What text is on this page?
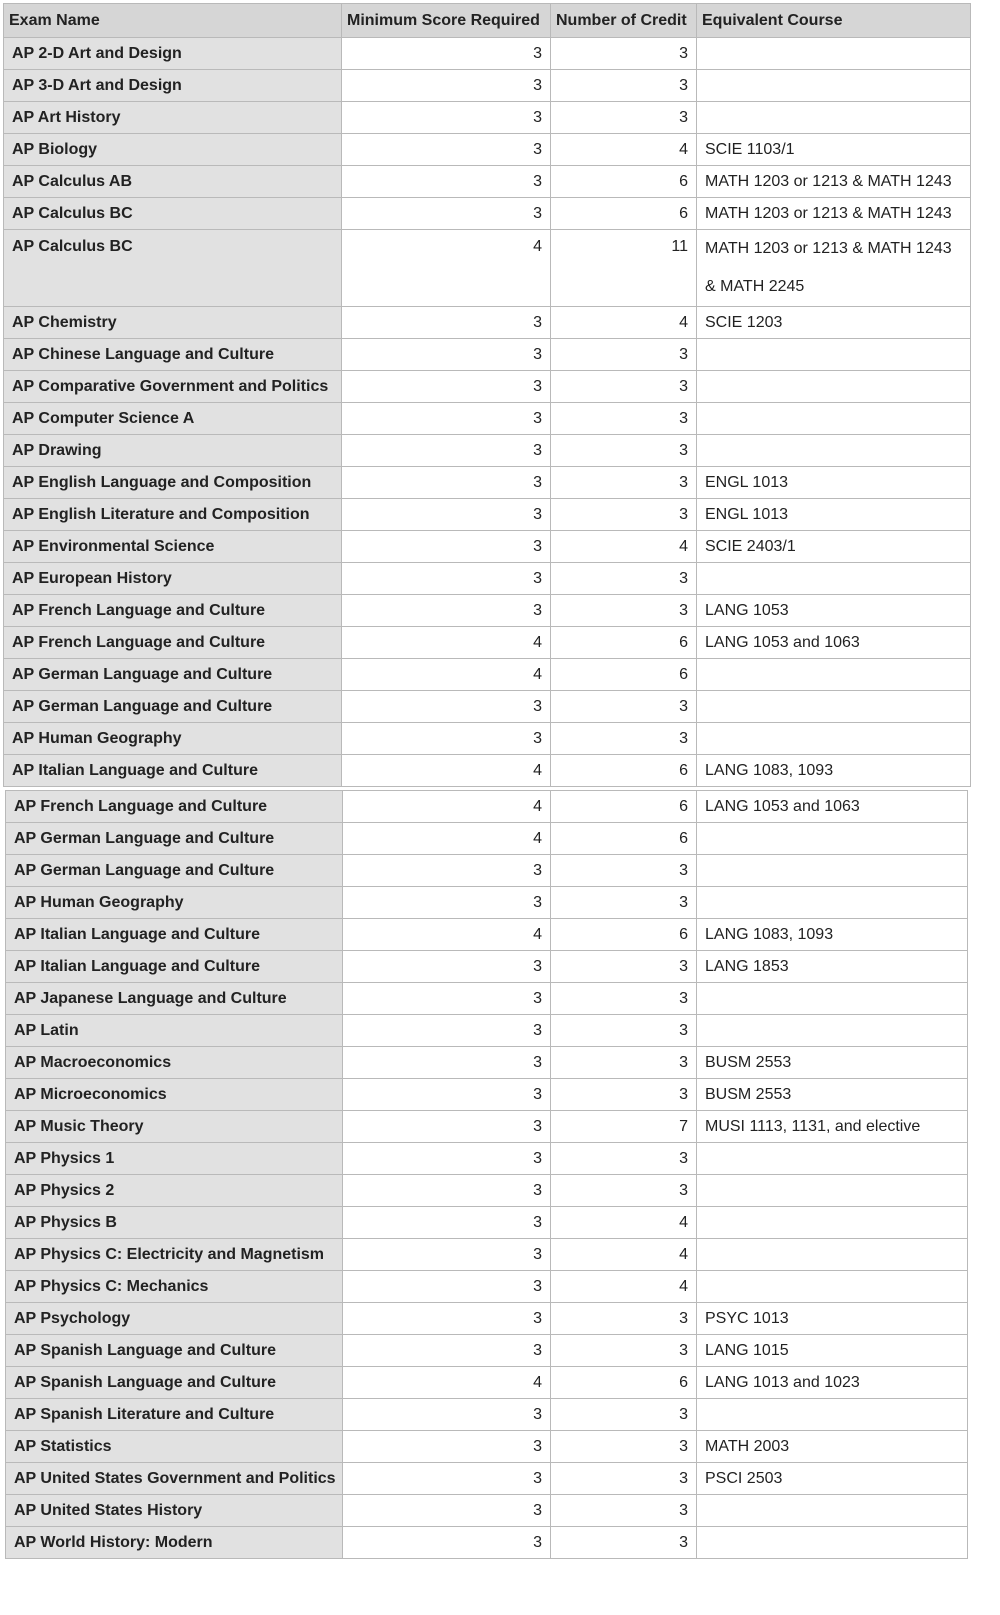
Exam Name	Minimum Score Required	Number of Credit	Equivalent Course
AP 2-D Art and Design	3	3	
AP 3-D Art and Design	3	3	
AP Art History	3	3	
AP Biology	3	4	SCIE 1103/1
AP Calculus AB	3	6	MATH 1203 or 1213 & MATH 1243
AP Calculus BC	3	6	MATH 1203 or 1213 & MATH 1243
AP Calculus BC	4	11	MATH 1203 or 1213 & MATH 1243 & MATH 2245
AP Chemistry	3	4	SCIE 1203
AP Chinese Language and Culture	3	3	
AP Comparative Government and Politics	3	3	
AP Computer Science A	3	3	
AP Drawing	3	3	
AP English Language and Composition	3	3	ENGL 1013
AP English Literature and Composition	3	3	ENGL 1013
AP Environmental Science	3	4	SCIE 2403/1
AP European History	3	3	
AP French Language and Culture	3	3	LANG 1053
AP French Language and Culture	4	6	LANG 1053 and 1063
AP German Language and Culture	4	6	
AP German Language and Culture	3	3	
AP Human Geography	3	3	
AP Italian Language and Culture	4	6	LANG 1083, 1093
AP French Language and Culture	4	6	LANG 1053 and 1063
AP German Language and Culture	4	6	
AP German Language and Culture	3	3	
AP Human Geography	3	3	
AP Italian Language and Culture	4	6	LANG 1083, 1093
AP Italian Language and Culture	3	3	LANG 1853
AP Japanese Language and Culture	3	3	
AP Latin	3	3	
AP Macroeconomics	3	3	BUSM 2553
AP Microeconomics	3	3	BUSM 2553
AP Music Theory	3	7	MUSI 1113, 1131, and elective
AP Physics 1	3	3	
AP Physics 2	3	3	
AP Physics B	3	4	
AP Physics C: Electricity and Magnetism	3	4	
AP Physics C: Mechanics	3	4	
AP Psychology	3	3	PSYC 1013
AP Spanish Language and Culture	3	3	LANG 1015
AP Spanish Language and Culture	4	6	LANG 1013 and 1023
AP Spanish Literature and Culture	3	3	
AP Statistics	3	3	MATH 2003
AP United States Government and Politics	3	3	PSCI 2503
AP United States History	3	3	
AP World History: Modern	3	3	
